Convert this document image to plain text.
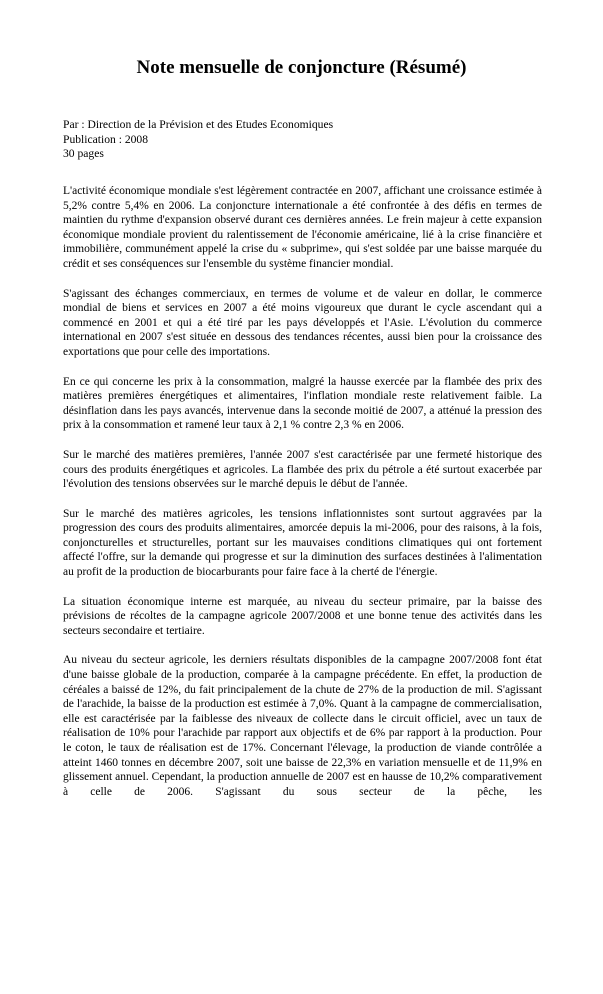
Note mensuelle de conjoncture (Résumé)
Par : Direction de la Prévision et des Etudes Economiques
Publication : 2008
30 pages

L'activité économique mondiale s'est légèrement contractée en 2007, affichant une croissance estimée à 5,2% contre 5,4% en 2006. La conjoncture internationale a été confrontée à des défis en termes de maintien du rythme d'expansion observé durant ces dernières années. Le frein majeur à cette expansion économique mondiale provient du ralentissement de l'économie américaine, lié à la crise financière et immobilière, communément appelé la crise du « subprime», qui s'est soldée par une baisse marquée du crédit et ses conséquences sur l'ensemble du système financier mondial.

S'agissant des échanges commerciaux, en termes de volume et de valeur en dollar, le commerce mondial de biens et services en 2007 a été moins vigoureux que durant le cycle ascendant qui a commencé en 2001 et qui a été tiré par les pays développés et l'Asie. L'évolution du commerce international en 2007 s'est située en dessous des tendances récentes, aussi bien pour la croissance des exportations que pour celle des importations.

En ce qui concerne les prix à la consommation, malgré la hausse exercée par la flambée des prix des matières premières énergétiques et alimentaires, l'inflation mondiale reste relativement faible. La désinflation dans les pays avancés, intervenue dans la seconde moitié de 2007, a atténué la pression des prix à la consommation et ramené leur taux à 2,1 % contre 2,3 % en 2006.

Sur le marché des matières premières, l'année 2007 s'est caractérisée par une fermeté historique des cours des produits énergétiques et agricoles. La flambée des prix du pétrole a été surtout exacerbée par l'évolution des tensions observées sur le marché depuis le début de l'année.

Sur le marché des matières agricoles, les tensions inflationnistes sont surtout aggravées par la progression des cours des produits alimentaires, amorcée depuis la mi-2006, pour des raisons, à la fois, conjoncturelles et structurelles, portant sur les mauvaises conditions climatiques qui ont fortement affecté l'offre, sur la demande qui progresse et sur la diminution des surfaces destinées à l'alimentation au profit de la production de biocarburants pour faire face à la cherté de l'énergie.

La situation économique interne est marquée, au niveau du secteur primaire, par la baisse des prévisions de récoltes de la campagne agricole 2007/2008 et une bonne tenue des activités dans les secteurs secondaire et tertiaire.

Au niveau du secteur agricole, les derniers résultats disponibles de la campagne 2007/2008 font état d'une baisse globale de la production, comparée à la campagne précédente. En effet, la production de céréales a baissé de 12%, du fait principalement de la chute de 27% de la production de mil. S'agissant de l'arachide, la baisse de la production est estimée à 7,0%. Quant à la campagne de commercialisation, elle est caractérisée par la faiblesse des niveaux de collecte dans le circuit officiel, avec un taux de réalisation de 10% pour l'arachide par rapport aux objectifs et de 6% par rapport à la production. Pour le coton, le taux de réalisation est de 17%. Concernant l'élevage, la production de viande contrôlée a atteint 1460 tonnes en décembre 2007, soit une baisse de 22,3% en variation mensuelle et de 11,9% en glissement annuel. Cependant, la production annuelle de 2007 est en hausse de 10,2% comparativement à celle de 2006. S'agissant du sous secteur de la pêche, les
